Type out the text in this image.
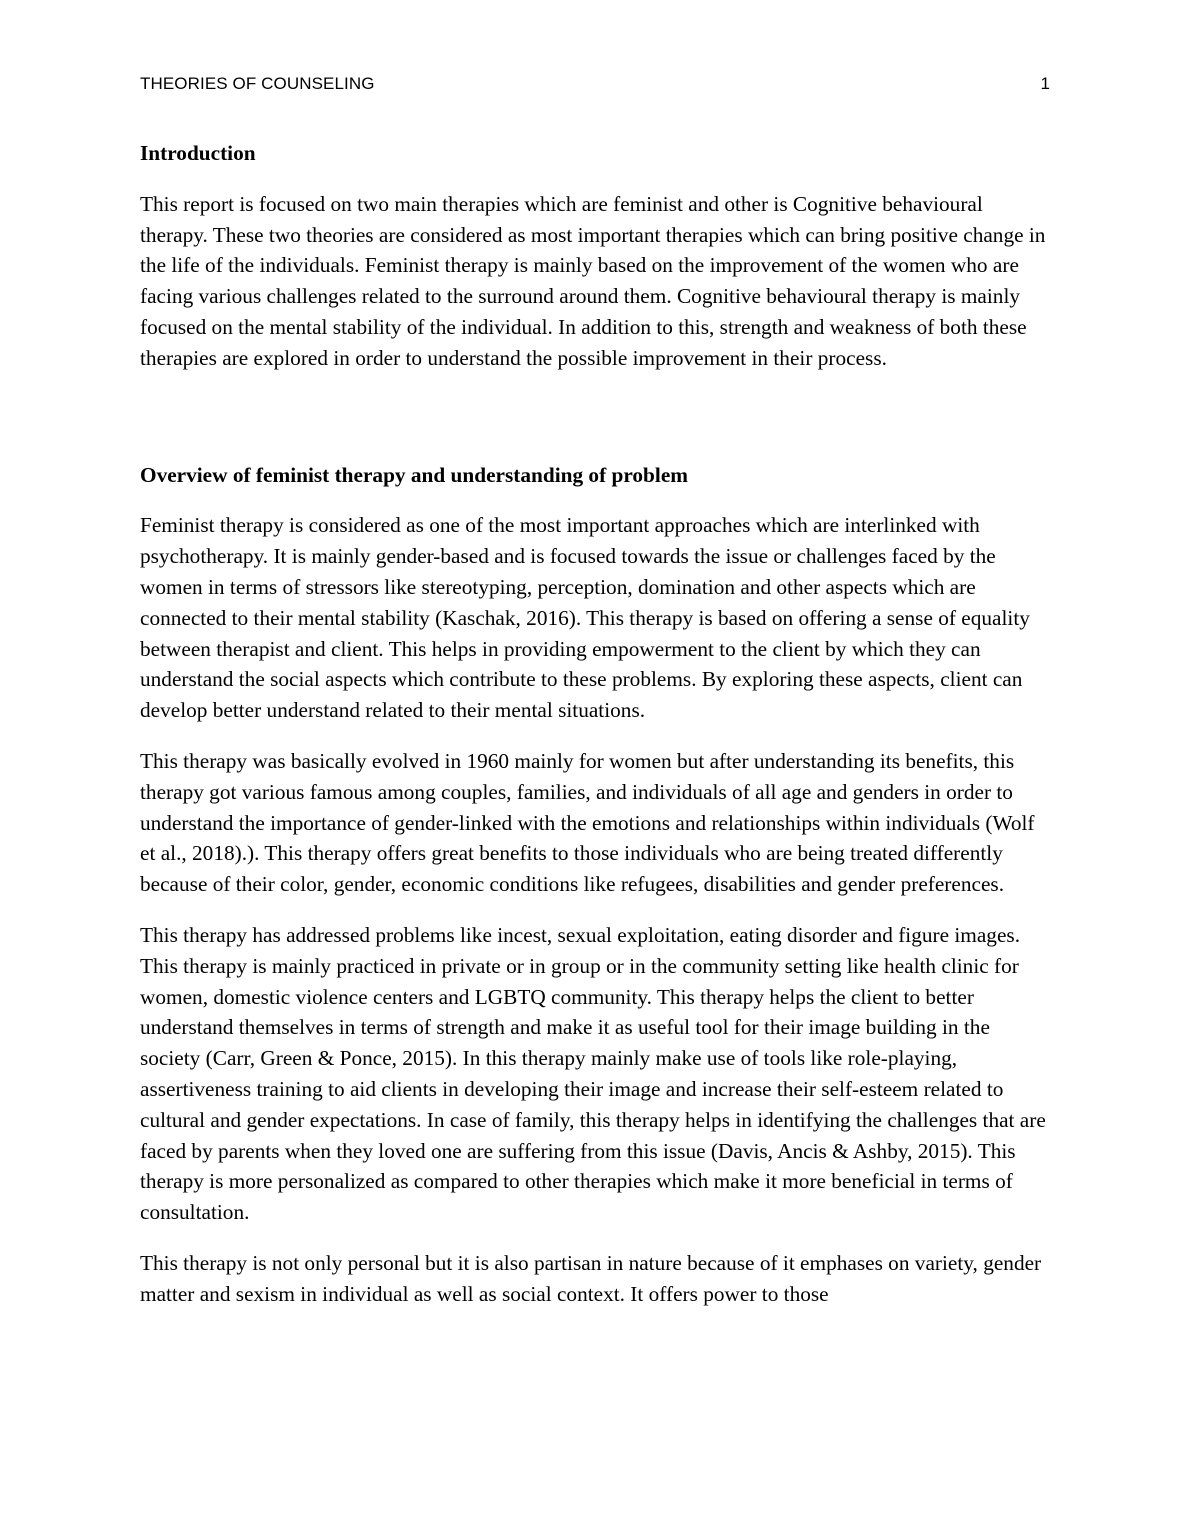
THEORIES OF COUNSELING	1

Introduction

This report is focused on two main therapies which are feminist and other is Cognitive behavioural therapy. These two theories are considered as most important therapies which can bring positive change in the life of the individuals. Feminist therapy is mainly based on the improvement of the women who are facing various challenges related to the surround around them. Cognitive behavioural therapy is mainly focused on the mental stability of the individual. In addition to this, strength and weakness of both these therapies are explored in order to understand the possible improvement in their process.

Overview of feminist therapy and understanding of problem

Feminist therapy is considered as one of the most important approaches which are interlinked with psychotherapy. It is mainly gender-based and is focused towards the issue or challenges faced by the women in terms of stressors like stereotyping, perception, domination and other aspects which are connected to their mental stability (Kaschak, 2016). This therapy is based on offering a sense of equality between therapist and client. This helps in providing empowerment to the client by which they can understand the social aspects which contribute to these problems. By exploring these aspects, client can develop better understand related to their mental situations.

This therapy was basically evolved in 1960 mainly for women but after understanding its benefits, this therapy got various famous among couples, families, and individuals of all age and genders in order to understand the importance of gender-linked with the emotions and relationships within individuals (Wolf et al., 2018).). This therapy offers great benefits to those individuals who are being treated differently because of their color, gender, economic conditions like refugees, disabilities and gender preferences.

This therapy has addressed problems like incest, sexual exploitation, eating disorder and figure images. This therapy is mainly practiced in private or in group or in the community setting like health clinic for women, domestic violence centers and LGBTQ community. This therapy helps the client to better understand themselves in terms of strength and make it as useful tool for their image building in the society (Carr, Green & Ponce, 2015). In this therapy mainly make use of tools like role-playing, assertiveness training to aid clients in developing their image and increase their self-esteem related to cultural and gender expectations. In case of family, this therapy helps in identifying the challenges that are faced by parents when they loved one are suffering from this issue (Davis, Ancis & Ashby, 2015). This therapy is more personalized as compared to other therapies which make it more beneficial in terms of consultation.

This therapy is not only personal but it is also partisan in nature because of it emphases on variety, gender matter and sexism in individual as well as social context. It offers power to those
